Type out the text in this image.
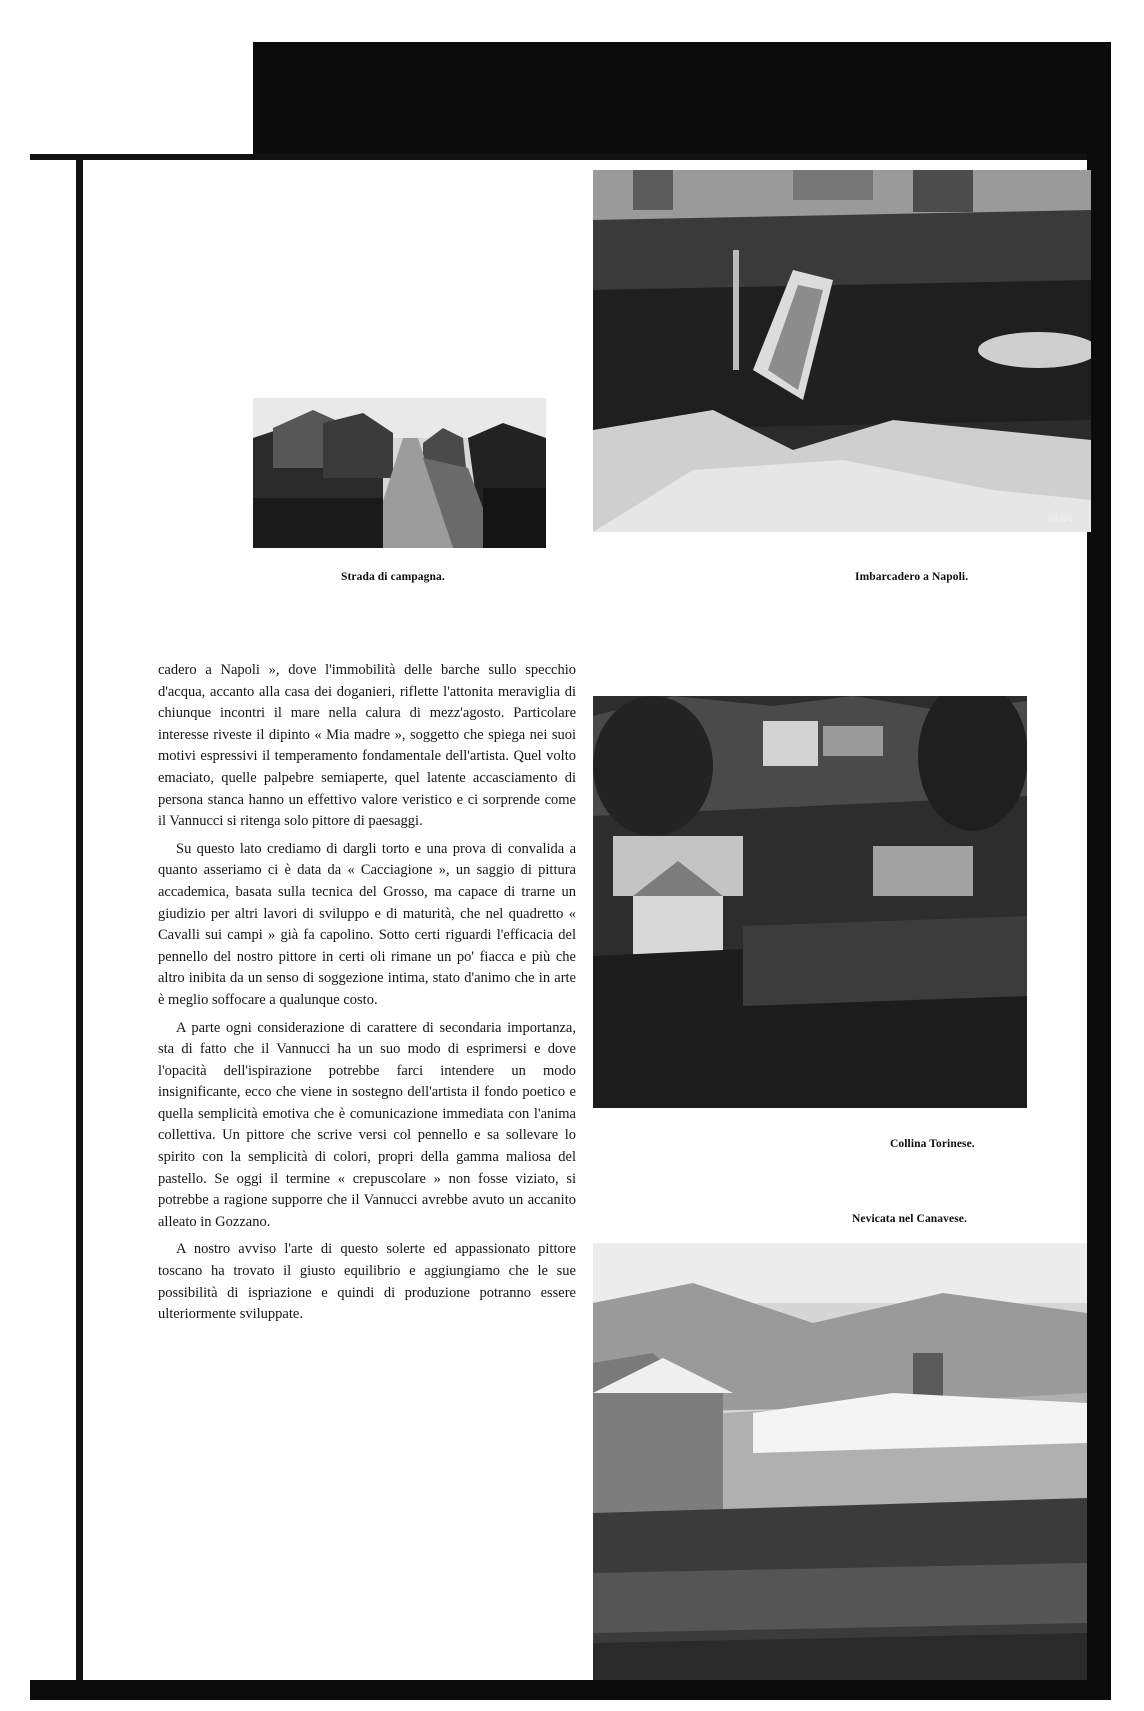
Strada di campagna.
VANN
Imbarcadero a Napoli.
Collina Torinese.
Nevicata nel Canavese.

cadero a Napoli », dove l'immobilità delle barche sullo specchio d'acqua, accanto alla casa dei doganieri, riflette l'attonita meraviglia di chiunque incontri il mare nella calura di mezz'agosto. Particolare interesse riveste il dipinto « Mia madre », soggetto che spiega nei suoi motivi espressivi il temperamento fondamentale dell'artista. Quel volto emaciato, quelle palpebre semiaperte, quel latente accasciamento di persona stanca hanno un effettivo valore veristico e ci sorprende come il Vannucci si ritenga solo pittore di paesaggi.

Su questo lato crediamo di dargli torto e una prova di convalida a quanto asseriamo ci è data da « Cacciagione », un saggio di pittura accademica, basata sulla tecnica del Grosso, ma capace di trarne un giudizio per altri lavori di sviluppo e di maturità, che nel quadretto « Cavalli sui campi » già fa capolino. Sotto certi riguardi l'efficacia del pennello del nostro pittore in certi oli rimane un po' fiacca e più che altro inibita da un senso di soggezione intima, stato d'animo che in arte è meglio soffocare a qualunque costo.

A parte ogni considerazione di carattere di secondaria importanza, sta di fatto che il Vannucci ha un suo modo di esprimersi e dove l'opacità dell'ispirazione potrebbe farci intendere un modo insignificante, ecco che viene in sostegno dell'artista il fondo poetico e quella semplicità emotiva che è comunicazione immediata con l'anima collettiva. Un pittore che scrive versi col pennello e sa sollevare lo spirito con la semplicità di colori, propri della gamma maliosa del pastello. Se oggi il termine « crepuscolare » non fosse viziato, si potrebbe a ragione supporre che il Vannucci avrebbe avuto un accanito alleato in Gozzano.

A nostro avviso l'arte di questo solerte ed appassionato pittore toscano ha trovato il giusto equilibrio e aggiungiamo che le sue possibilità di ispriazione e quindi di produzione potranno essere ulteriormente sviluppate.
